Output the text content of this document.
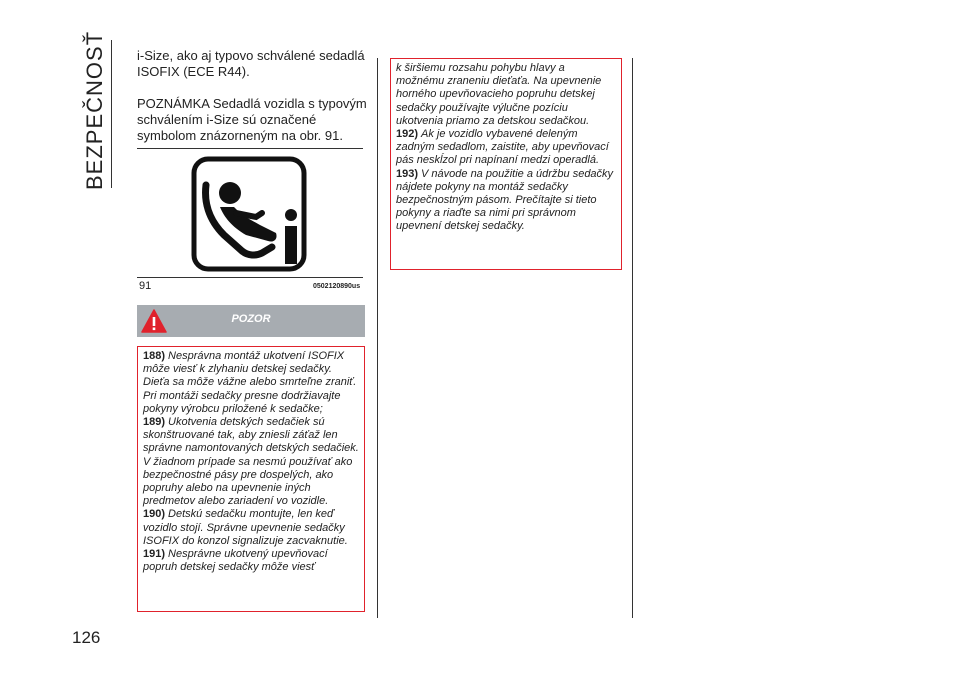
BEZPEČNOSŤ
126

i-Size, ako aj typovo schválené sedadlá ISOFIX (ECE R44).

POZNÁMKA Sedadlá vozidla s typovým schválením i-Size sú označené symbolom znázorneným na obr. 91.

91	0502120890us
POZOR

188) Nesprávna montáž ukotvení ISOFIX môže viesť k zlyhaniu detskej sedačky. Dieťa sa môže vážne alebo smrteľne zraniť. Pri montáži sedačky presne dodržiavajte pokyny výrobcu priložené k sedačke;

189) Ukotvenia detských sedačiek sú skonštruované tak, aby zniesli záťaž len správne namontovaných detských sedačiek. V žiadnom prípade sa nesmú používať ako bezpečnostné pásy pre dospelých, ako popruhy alebo na upevnenie iných predmetov alebo zariadení vo vozidle.

190) Detskú sedačku montujte, len keď vozidlo stojí. Správne upevnenie sedačky ISOFIX do konzol signalizuje zacvaknutie.

191) Nesprávne ukotvený upevňovací popruh detskej sedačky môže viesť

k širšiemu rozsahu pohybu hlavy a možnému zraneniu dieťaťa. Na upevnenie horného upevňovacieho popruhu detskej sedačky používajte výlučne pozíciu ukotvenia priamo za detskou sedačkou.

192) Ak je vozidlo vybavené deleným zadným sedadlom, zaistite, aby upevňovací pás neskĺzol pri napínaní medzi operadlá.

193) V návode na použitie a údržbu sedačky nájdete pokyny na montáž sedačky bezpečnostným pásom. Prečítajte si tieto pokyny a riaďte sa nimi pri správnom upevnení detskej sedačky.
